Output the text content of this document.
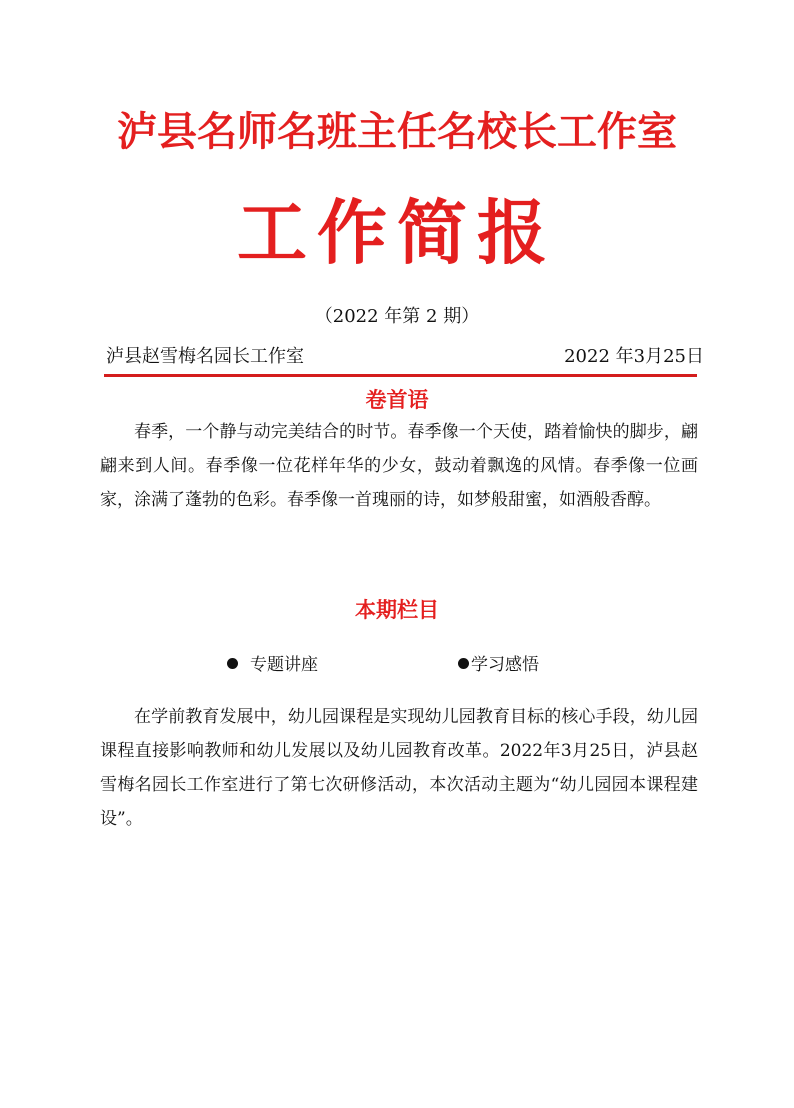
泸县名师名班主任名校长工作室
工作简报
（2022 年第 2 期）
泸县赵雪梅名园长工作室	2022 年3月25日
卷首语

春季，一个静与动完美结合的时节。春季像一个天使，踏着愉快的脚步，翩翩来到人间。春季像一位花样年华的少女，鼓动着飘逸的风情。春季像一位画家，涂满了蓬勃的色彩。春季像一首瑰丽的诗，如梦般甜蜜，如酒般香醇。

本期栏目
专题讲座	学习感悟

在学前教育发展中，幼儿园课程是实现幼儿园教育目标的核心手段，幼儿园课程直接影响教师和幼儿发展以及幼儿园教育改革。2022年3月25日，泸县赵雪梅名园长工作室进行了第七次研修活动，本次活动主题为“幼儿园园本课程建设”。
